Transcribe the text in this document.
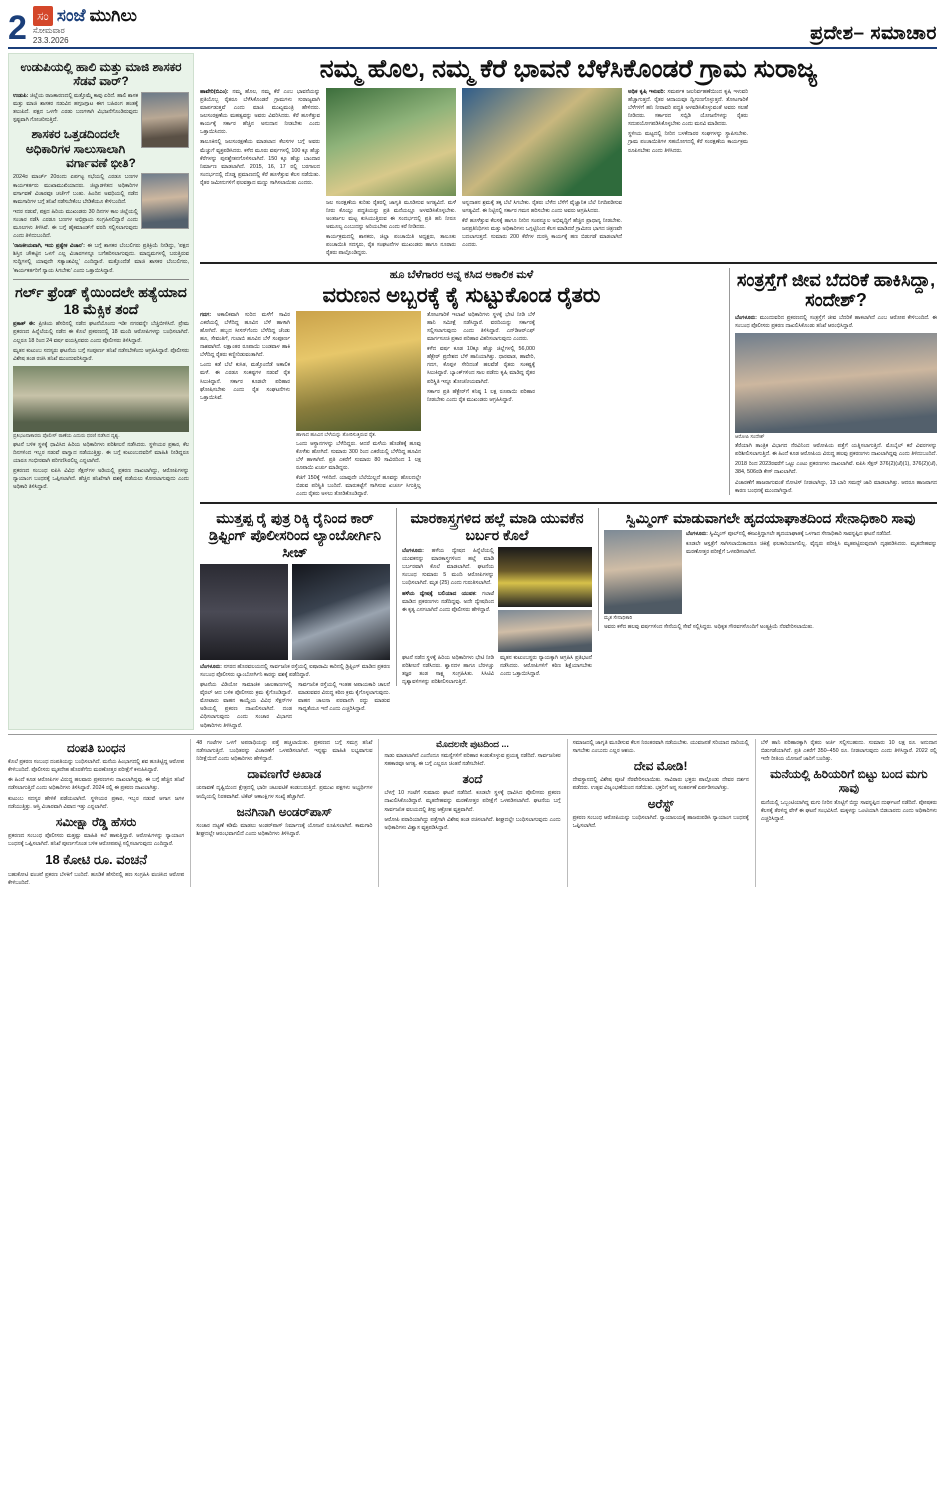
2 ಸಂ ಸಂಜೆ ಮುಗಿಲು
ಸೋಮವಾರ
23.3.2026	ಪ್ರದೇಶ– ಸಮಾಚಾರ
ಉಡುಪಿಯಲ್ಲಿ ಹಾಲಿ ಮತ್ತು ಮಾಜಿ ಶಾಸಕರ ಸೆಡವೆ ವಾರ್?
ಉಡುಪಿ: ಜಿಲ್ಲೆಯ ರಾಜಕಾರಣದಲ್ಲಿ ಮತ್ತೊಮ್ಮೆ ಕಾವು ಏರಿದೆ. ಹಾಲಿ ಶಾಸಕ ಮತ್ತು ಮಾಜಿ ಶಾಸಕರ ನಡುವಿನ ಹಗ್ಗಜಗ್ಗಾಟ ಈಗ ಬಹಿರಂಗ ಹಂತಕ್ಕೆ ತಲುಪಿದೆ. ಪಕ್ಷದ ಒಳಗೇ ಎರಡು ಬಣಗಳಾಗಿ ವಿಭಜನೆಗೊಂಡಿರುವುದು ಸ್ಪಷ್ಟವಾಗಿ ಗೋಚರಿಸುತ್ತಿದೆ.
ಶಾಸಕರ ಒತ್ತಡದಿಂದಲೇ ಅಧಿಕಾರಿಗಳ ಸಾಲುಸಾಲಾಗಿ ವರ್ಗಾವಣೆ ಭೀತಿ?
2024ರ ಮಾರ್ಚ್ 20ರಂದು ಏರ್ಪಟ್ಟ ಸಭೆಯಲ್ಲಿ ಎರಡೂ ಬಣಗಳ ಕಾರ್ಯಕರ್ತರು ಮುಖಾಮುಖಿಯಾದರು. ಜಿಲ್ಲಾಡಳಿತದ ಅಧಿಕಾರಿಗಳ ವರ್ಗಾವಣೆ ವಿಚಾರವೂ ಚರ್ಚೆಗೆ ಬಂತು. ಹಿಂದಿನ ಅವಧಿಯಲ್ಲಿ ನಡೆದ ಕಾಮಗಾರಿಗಳ ಬಗ್ಗೆ ತನಿಖೆ ನಡೆಸಬೇಕೆಂಬ ಬೇಡಿಕೆಯೂ ಕೇಳಿಬಂದಿದೆ.
ಇದರ ನಡುವೆ, ಪಕ್ಷದ ಹಿರಿಯ ಮುಖಂಡರು 30 ದಿನಗಳ ಕಾಲ ಜಿಲ್ಲೆಯಲ್ಲಿ ಸಂಚಾರ ನಡೆಸಿ ಎರಡೂ ಬಣಗಳ ಅಭಿಪ್ರಾಯ ಸಂಗ್ರಹಿಸಲಿದ್ದಾರೆ ಎಂದು ಮೂಲಗಳು ತಿಳಿಸಿವೆ. ಈ ಬಗ್ಗೆ ಹೈಕಮಾಂಡ್‌ಗೆ ವರದಿ ಸಲ್ಲಿಸಲಾಗುವುದು ಎಂದು ತಿಳಿದುಬಂದಿದೆ.
'ರಾಜಕೀಯವಾಗಿ, ಇದು ಪ್ರತ್ಯೇಕ ವಿಚಾರ': ಈ ಬಗ್ಗೆ ಶಾಸಕರ ಬೆಂಬಲಿಗರು ಪ್ರತಿಕ್ರಿಯೆ ನೀಡಿದ್ದು, 'ಪಕ್ಷದ ಶಿಸ್ತಿನ ಚೌಕಟ್ಟಿನ ಒಳಗೆ ಎಲ್ಲ ವಿಚಾರಗಳನ್ನೂ ಬಗೆಹರಿಸಲಾಗುವುದು. ಮಾಧ್ಯಮಗಳಲ್ಲಿ ಬರುತ್ತಿರುವ ಸುದ್ದಿಗಳಲ್ಲಿ ಯಾವುದೇ ಸತ್ಯಾಂಶವಿಲ್ಲ' ಎಂದಿದ್ದಾರೆ. ಮತ್ತೊಂದೆಡೆ ಮಾಜಿ ಶಾಸಕರ ಬೆಂಬಲಿಗರು, 'ಕಾರ್ಯಕರ್ತರಿಗೆ ನ್ಯಾಯ ಸಿಗಬೇಕು' ಎಂದು ಒತ್ತಾಯಿಸಿದ್ದಾರೆ.
ಗರ್ಲ್‌ ಫ್ರೆಂಡ್‌ ಕೈಯಿಂದಲೇ ಹತ್ಯೆಯಾದ 18 ಮೆಕ್ಸಿಕ ತಂದೆ
ಪ್ರಕಾಶ್ ಈ: ಪ್ರೀತಿಯ ಹೆಸರಿನಲ್ಲಿ ನಡೆದ ಘಟನೆಯೊಂದು ಇಡೀ ನಗರವನ್ನೇ ಬೆಚ್ಚಿಬೀಳಿಸಿದೆ. ಪ್ರೇಮ ಪ್ರಕರಣದ ಹಿನ್ನೆಲೆಯಲ್ಲಿ ನಡೆದ ಈ ಕೊಲೆ ಪ್ರಕರಣದಲ್ಲಿ 18 ಮಂದಿ ಆರೋಪಿಗಳನ್ನು ಬಂಧಿಸಲಾಗಿದೆ. ಎಲ್ಲರೂ 18 ರಿಂದ 24 ವರ್ಷ ವಯಸ್ಸಿನವರು ಎಂದು ಪೊಲೀಸರು ತಿಳಿಸಿದ್ದಾರೆ.
ಮೃತನ ಕುಟುಂಬ ಸದಸ್ಯರು ಘಟನೆಯ ಬಗ್ಗೆ ಸಂಪೂರ್ಣ ತನಿಖೆ ನಡೆಸಬೇಕೆಂದು ಆಗ್ರಹಿಸಿದ್ದಾರೆ. ಪೊಲೀಸರು ವಿಶೇಷ ತಂಡ ರಚಿಸಿ ತನಿಖೆ ಮುಂದುವರಿಸಿದ್ದಾರೆ.
ಪ್ರತಿಭಟನಾಕಾರರು ಪೊಲೀಸ್ ಠಾಣೆಯ ಎದುರು ಧರಣಿ ನಡೆಸಿದ ದೃಶ್ಯ.
ಘಟನೆ ಬಳಿಕ ಸ್ಥಳಕ್ಕೆ ಧಾವಿಸಿದ ಹಿರಿಯ ಅಧಿಕಾರಿಗಳು ಪರಿಶೀಲನೆ ನಡೆಸಿದರು. ಸ್ಥಳೀಯರ ಪ್ರಕಾರ, ಕೆಲ ದಿನಗಳಿಂದ ಇಬ್ಬರ ನಡುವೆ ವಾಗ್ವಾದ ನಡೆಯುತ್ತಿತ್ತು. ಈ ಬಗ್ಗೆ ಕುಟುಂಬದವರಿಗೆ ಮಾಹಿತಿ ನೀಡಿದ್ದರೂ ಯಾರೂ ಗಂಭೀರವಾಗಿ ಪರಿಗಣಿಸಿರಲಿಲ್ಲ ಎನ್ನಲಾಗಿದೆ.
ಪ್ರಕರಣದ ಸಂಬಂಧ ಐಪಿಸಿ ವಿವಿಧ ಸೆಕ್ಷನ್‌ಗಳ ಅಡಿಯಲ್ಲಿ ಪ್ರಕರಣ ದಾಖಲಾಗಿದ್ದು, ಆರೋಪಿಗಳನ್ನು ನ್ಯಾಯಾಂಗ ಬಂಧನಕ್ಕೆ ಒಪ್ಪಿಸಲಾಗಿದೆ. ಹೆಚ್ಚಿನ ತನಿಖೆಗಾಗಿ ವಶಕ್ಕೆ ಪಡೆಯಲು ಕೋರಲಾಗುವುದು ಎಂದು ಅಧಿಕಾರಿ ತಿಳಿಸಿದ್ದಾರೆ.
ನಮ್ಮ ಹೊಲ, ನಮ್ಮ ಕೆರೆ ಭಾವನೆ ಬೆಳೆಸಿಕೊಂಡರೆ ಗ್ರಾಮ ಸುರಾಜ್ಯ
ಹಾವೇರಿ(ಬಿಎಂ): ನಮ್ಮ ಹೊಲ, ನಮ್ಮ ಕೆರೆ ಎಂಬ ಭಾವನೆಯನ್ನು ಪ್ರತಿಯೊಬ್ಬ ರೈತರೂ ಬೆಳೆಸಿಕೊಂಡರೆ ಗ್ರಾಮಗಳು ಸುರಾಜ್ಯವಾಗಿ ಮಾರ್ಪಡುತ್ತವೆ ಎಂದು ಮಾಜಿ ಮುಖ್ಯಮಂತ್ರಿ ಹೇಳಿದರು. ಜಲಸಂರಕ್ಷಣೆಯ ಮಹತ್ವವನ್ನು ಅವರು ವಿವರಿಸಿದರು. ಕೆರೆ ಹೂಳೆತ್ತುವ ಕಾರ್ಯಕ್ಕೆ ಸರ್ಕಾರ ಹೆಚ್ಚಿನ ಅನುದಾನ ನೀಡಬೇಕು ಎಂದು ಒತ್ತಾಯಿಸಿದರು.
ತಾಲೂಕಿನಲ್ಲಿ ಜಲಸಂರಕ್ಷಣೆಯ ಮಾಡಲಾದ ಕೆಲಸಗಳ ಬಗ್ಗೆ ಅವರು ಮೆಚ್ಚುಗೆ ವ್ಯಕ್ತಪಡಿಸಿದರು. ಕಳೆದ ಮೂರು ವರ್ಷಗಳಲ್ಲಿ 100 ಕ್ಕೂ ಹೆಚ್ಚು ಕೆರೆಗಳನ್ನು ಪುನಶ್ಚೇತನಗೊಳಿಸಲಾಗಿದೆ. 150 ಕ್ಕೂ ಹೆಚ್ಚು ಬಾಂದಾರ ನಿರ್ಮಾಣ ಮಾಡಲಾಗಿದೆ. 2015, 16, 17 ರಲ್ಲಿ ಬರಗಾಲದ ಸಂದರ್ಭದಲ್ಲಿ ದೊಡ್ಡ ಪ್ರಮಾಣದಲ್ಲಿ ಕೆರೆ ಹೂಳೆತ್ತುವ ಕೆಲಸ ನಡೆಯಿತು. ರೈತರ ಜಮೀನುಗಳಿಗೆ ಫಲವತ್ತಾದ ಮಣ್ಣು ಸಾಗಿಸಲಾಯಿತು ಎಂದರು.
ಜಲ ಸಂರಕ್ಷಣೆಯ ಕುರಿತು ರೈತರಲ್ಲಿ ಜಾಗೃತಿ ಮೂಡಿಸುವ ಅಗತ್ಯವಿದೆ. ಮಳೆ ನೀರು ಕೊಯ್ಲು ಪದ್ಧತಿಯನ್ನು ಪ್ರತಿ ಮನೆಯಲ್ಲೂ ಅಳವಡಿಸಿಕೊಳ್ಳಬೇಕು. ಅಂತರ್ಜಲ ಮಟ್ಟ ಕುಸಿಯುತ್ತಿರುವ ಈ ಸಂದರ್ಭದಲ್ಲಿ ಪ್ರತಿ ಹನಿ ನೀರೂ ಅಮೂಲ್ಯ ಎಂಬುದನ್ನು ಅರಿಯಬೇಕು ಎಂದು ಕರೆ ನೀಡಿದರು.
ಕಾರ್ಯಕ್ರಮದಲ್ಲಿ ಶಾಸಕರು, ಜಿಲ್ಲಾ ಪಂಚಾಯಿತಿ ಅಧ್ಯಕ್ಷರು, ತಾಲೂಕು ಪಂಚಾಯಿತಿ ಸದಸ್ಯರು, ರೈತ ಸಂಘಟನೆಗಳ ಮುಖಂಡರು ಹಾಗೂ ನೂರಾರು ರೈತರು ಪಾಲ್ಗೊಂಡಿದ್ದರು.
ಅನ್ನದಾತನ ಶ್ರಮಕ್ಕೆ ತಕ್ಕ ಬೆಲೆ ಸಿಗಬೇಕು. ರೈತರು ಬೆಳೆದ ಬೆಳೆಗೆ ವೈಜ್ಞಾನಿಕ ಬೆಲೆ ನಿಗದಿಪಡಿಸುವ ಅಗತ್ಯವಿದೆ. ಈ ನಿಟ್ಟಿನಲ್ಲಿ ಸರ್ಕಾರ ಗಮನ ಹರಿಸಬೇಕು ಎಂದು ಅವರು ಆಗ್ರಹಿಸಿದರು.
ಕೆರೆ ಹೂಳೆತ್ತುವ ಕೆಲಸಕ್ಕೆ ಹಾಗೂ ನೀರಿನ ಸಂಪನ್ಮೂಲ ಅಭಿವೃದ್ಧಿಗೆ ಹೆಚ್ಚಿನ ಪ್ರಾಧಾನ್ಯ ನೀಡಬೇಕು. ಜನಪ್ರತಿನಿಧಿಗಳು ಮತ್ತು ಅಧಿಕಾರಿಗಳು ಒಗ್ಗಟ್ಟಿನಿಂದ ಕೆಲಸ ಮಾಡಿದರೆ ಗ್ರಾಮೀಣ ಭಾಗದ ಚಿತ್ರಣವೇ ಬದಲಾಗುತ್ತದೆ. ಸುಮಾರು 200 ಕೆರೆಗಳ ದುರಸ್ತಿ ಕಾರ್ಯಕ್ಕೆ ಹಣ ಬಿಡುಗಡೆ ಮಾಡಲಾಗಿದೆ ಎಂದರು.
ಅಧಿಕ ಕೃಷಿ ಇಳುವರಿ: ಸಮರ್ಪಕ ಜಲನಿರ್ವಹಣೆಯಿಂದ ಕೃಷಿ ಇಳುವರಿ ಹೆಚ್ಚಾಗುತ್ತದೆ. ರೈತರ ಆದಾಯವೂ ದ್ವಿಗುಣಗೊಳ್ಳುತ್ತದೆ. ತೋಟಗಾರಿಕೆ ಬೆಳೆಗಳಿಗೆ ಹನಿ ನೀರಾವರಿ ಪದ್ಧತಿ ಅಳವಡಿಸಿಕೊಳ್ಳುವಂತೆ ಅವರು ಸಲಹೆ ನೀಡಿದರು. ಸರ್ಕಾರದ ಸಬ್ಸಿಡಿ ಯೋಜನೆಗಳನ್ನು ರೈತರು ಸದುಪಯೋಗಪಡಿಸಿಕೊಳ್ಳಬೇಕು ಎಂದು ಮನವಿ ಮಾಡಿದರು.
ಸ್ಥಳೀಯ ಮಟ್ಟದಲ್ಲಿ ನೀರಿನ ಬಳಕೆದಾರರ ಸಂಘಗಳನ್ನು ಸ್ಥಾಪಿಸಬೇಕು. ಗ್ರಾಮ ಪಂಚಾಯಿತಿಗಳ ಸಹಯೋಗದಲ್ಲಿ ಕೆರೆ ಸಂರಕ್ಷಣೆಯ ಕಾರ್ಯಕ್ರಮ ರೂಪಿಸಬೇಕು ಎಂದು ತಿಳಿಸಿದರು.
ಹೂ ಬೆಳೆಗಾರರ ಅನ್ನ ಕಸಿದ ಅಕಾಲಿಕ ಮಳೆ
ವರುಣನ ಅಬ್ಬರಕ್ಕೆ ಕೈ ಸುಟ್ಟುಕೊಂಡ ರೈತರು
ಗದಗ: ಅಕಾಲಿಕವಾಗಿ ಸುರಿದ ಮಳೆಗೆ ಸಾವಿರ ಎಕರೆಯಲ್ಲಿ ಬೆಳೆದಿದ್ದ ಹೂವಿನ ಬೆಳೆ ಹಾಳಾಗಿ ಹೋಗಿದೆ. ಹಬ್ಬದ ಸೀಸನ್‌ಗೆಂದು ಬೆಳೆದಿದ್ದ ಚೆಂಡು ಹೂ, ಸೇವಂತಿಗೆ, ಗುಲಾಬಿ ಹೂವಿನ ಬೆಳೆ ಸಂಪೂರ್ಣ ನಾಶವಾಗಿದೆ. ಲಕ್ಷಾಂತರ ರೂಪಾಯಿ ಬಂಡವಾಳ ಹಾಕಿ ಬೆಳೆದಿದ್ದ ರೈತರು ಕಣ್ಣೀರಿಡುವಂತಾಗಿದೆ.
ಒಂದು ಕಡೆ ಬೆಲೆ ಕುಸಿತ, ಮತ್ತೊಂದೆಡೆ ಅಕಾಲಿಕ ಮಳೆ. ಈ ಎರಡೂ ಸಂಕಷ್ಟಗಳ ನಡುವೆ ರೈತ ಸಿಲುಕಿದ್ದಾನೆ. ಸರ್ಕಾರ ಕೂಡಲೇ ಪರಿಹಾರ ಘೋಷಿಸಬೇಕು ಎಂದು ರೈತ ಸಂಘಟನೆಗಳು ಒತ್ತಾಯಿಸಿವೆ.
ಹಾಳಾದ ಹೂವಿನ ಬೆಳೆಯನ್ನು ತೋರಿಸುತ್ತಿರುವ ರೈತ.
ಒಂದು ಆಸ್ಥಾನಗಳನ್ನು ಬೆಳೆದಿದ್ದರು. ಆದರೆ ಮಳೆಯ ಹೊಡೆತಕ್ಕೆ ಹೂವು ಕೊಳೆತು ಹೋಗಿದೆ. ಸುಮಾರು 300 ರಿಂದ ಎಕರೆಯಲ್ಲಿ ಬೆಳೆದಿದ್ದ ಹೂವಿನ ಬೆಳೆ ಹಾಳಾಗಿದೆ. ಪ್ರತಿ ಎಕರೆಗೆ ಸುಮಾರು 80 ಸಾವಿರದಿಂದ 1 ಲಕ್ಷ ರೂಪಾಯಿ ಖರ್ಚು ಮಾಡಿದ್ದರು.
ಕೆಜಿಗೆ 150ಕ್ಕೆ ಇಳಿದಿದೆ. ಯಾವುದೇ ಬೆಲೆಯಿಲ್ಲದೆ ಹೂವನ್ನು ಹೊಲದಲ್ಲೇ ಬಿಡುವ ಪರಿಸ್ಥಿತಿ ಬಂದಿದೆ. ಮಾರುಕಟ್ಟೆಗೆ ಸಾಗಿಸುವ ಖರ್ಚೂ ಸಿಗುತ್ತಿಲ್ಲ ಎಂದು ರೈತರು ಅಳಲು ತೋಡಿಕೊಂಡಿದ್ದಾರೆ.
ತೋಟಗಾರಿಕೆ ಇಲಾಖೆ ಅಧಿಕಾರಿಗಳು ಸ್ಥಳಕ್ಕೆ ಭೇಟಿ ನೀಡಿ ಬೆಳೆ ಹಾನಿ ಸಮೀಕ್ಷೆ ನಡೆಸಿದ್ದಾರೆ. ವರದಿಯನ್ನು ಸರ್ಕಾರಕ್ಕೆ ಸಲ್ಲಿಸಲಾಗುವುದು ಎಂದು ತಿಳಿಸಿದ್ದಾರೆ. ಎನ್‌ಡಿಆರ್‌ಎಫ್ ಮಾರ್ಗಸೂಚಿ ಪ್ರಕಾರ ಪರಿಹಾರ ವಿತರಿಸಲಾಗುವುದು ಎಂದರು.
ಕಳೆದ ವರ್ಷ ಕೂಡ 10ಕ್ಕೂ ಹೆಚ್ಚು ಜಿಲ್ಲೆಗಳಲ್ಲಿ 56,000 ಹೆಕ್ಟೇರ್ ಪ್ರದೇಶದ ಬೆಳೆ ಹಾನಿಯಾಗಿತ್ತು. ಧಾರವಾಡ, ಹಾವೇರಿ, ಗದಗ, ಕೊಪ್ಪಳ ಸೇರಿದಂತೆ ಹಲವೆಡೆ ರೈತರು ಸಂಕಷ್ಟಕ್ಕೆ ಸಿಲುಕಿದ್ದಾರೆ. ಬ್ಯಾಂಕ್‌ಗಳಿಂದ ಸಾಲ ಪಡೆದು ಕೃಷಿ ಮಾಡಿದ್ದ ರೈತರ ಪರಿಸ್ಥಿತಿ ಇನ್ನೂ ಶೋಚನೀಯವಾಗಿದೆ.
ಸರ್ಕಾರ ಪ್ರತಿ ಹೆಕ್ಟೇರ್‌ಗೆ ಕನಿಷ್ಠ 1 ಲಕ್ಷ ರೂಪಾಯಿ ಪರಿಹಾರ ನೀಡಬೇಕು ಎಂದು ರೈತ ಮುಖಂಡರು ಆಗ್ರಹಿಸಿದ್ದಾರೆ.
ಸಂತ್ರಸ್ತೆಗೆ ಜೀವ ಬೆದರಿಕೆ ಹಾಕಿಸಿದ್ದಾ, ಸಂದೇಶ್?
ಬೆಂಗಳೂರು: ಮುಂದುವರಿದ ಪ್ರಕರಣದಲ್ಲಿ ಸಂತ್ರಸ್ತೆಗೆ ಜೀವ ಬೆದರಿಕೆ ಹಾಕಲಾಗಿದೆ ಎಂಬ ಆರೋಪ ಕೇಳಿಬಂದಿದೆ. ಈ ಸಂಬಂಧ ಪೊಲೀಸರು ಪ್ರಕರಣ ದಾಖಲಿಸಿಕೊಂಡು ತನಿಖೆ ಆರಂಭಿಸಿದ್ದಾರೆ.
ಆರೋಪಿ ಸಂದೇಶ್
ತೆರೆಯಾಗಿ ತಾಂತ್ರಿಕ ವಿಭಾಗದ ನೆರವಿನಿಂದ ಆರೋಪಿಯ ಪತ್ತೆಗೆ ಯತ್ನಿಸಲಾಗುತ್ತಿದೆ. ಮೊಬೈಲ್ ಕರೆ ವಿವರಗಳನ್ನು ಪರಿಶೀಲಿಸಲಾಗುತ್ತಿದೆ. ಈ ಹಿಂದೆ ಕೂಡ ಆರೋಪಿಯ ವಿರುದ್ಧ ಹಲವು ಪ್ರಕರಣಗಳು ದಾಖಲಾಗಿದ್ದವು ಎಂದು ತಿಳಿದುಬಂದಿದೆ.
2018 ರಿಂದ 2023ರವರೆಗೆ ಒಟ್ಟು ಎಂಟು ಪ್ರಕರಣಗಳು ದಾಖಲಾಗಿವೆ. ಐಪಿಸಿ ಸೆಕ್ಷನ್ 376(2)(ಜೆ)(1), 376(2)(ಜೆ), 384, 506ರಡಿ ಕೇಸ್ ದಾಖಲಾಗಿದೆ.
ವಿಚಾರಣೆಗೆ ಹಾಜರಾಗುವಂತೆ ನೋಟಿಸ್ ನೀಡಲಾಗಿದ್ದು, 13 ಬಾರಿ ಸಮನ್ಸ್ ಜಾರಿ ಮಾಡಲಾಗಿತ್ತು. ಆದರೂ ಹಾಜರಾಗದ ಕಾರಣ ಬಂಧನಕ್ಕೆ ಮುಂದಾಗಿದ್ದಾರೆ.
ಮುತ್ತಪ್ಪ ರೈ ಪುತ್ರ ರಿಕ್ಕಿ ರೈನಿಂದ ಕಾರ್ ಡ್ರಿಫ್ಟಿಂಗ್ ಪೊಲೀಸರಿಂದ ಲ್ಯಾಂಬೋರ್ಗಿನಿ ಸೀಜ್
ಬೆಂಗಳೂರು: ನಗರದ ಹೊರವಲಯದಲ್ಲಿ ಸಾರ್ವಜನಿಕ ರಸ್ತೆಯಲ್ಲಿ ಐಷಾರಾಮಿ ಕಾರಿನಲ್ಲಿ ಡ್ರಿಫ್ಟಿಂಗ್ ಮಾಡಿದ ಪ್ರಕರಣ ಸಂಬಂಧ ಪೊಲೀಸರು ಲ್ಯಾಂಬೋರ್ಗಿನಿ ಕಾರನ್ನು ವಶಕ್ಕೆ ಪಡೆದಿದ್ದಾರೆ.
ಘಟನೆಯ ವಿಡಿಯೋ ಸಾಮಾಜಿಕ ಜಾಲತಾಣಗಳಲ್ಲಿ ವೈರಲ್ ಆದ ಬಳಿಕ ಪೊಲೀಸರು ಕ್ರಮ ಕೈಗೊಂಡಿದ್ದಾರೆ. ಮೋಟಾರು ವಾಹನ ಕಾಯ್ದೆಯ ವಿವಿಧ ಸೆಕ್ಷನ್‌ಗಳ ಅಡಿಯಲ್ಲಿ ಪ್ರಕರಣ ದಾಖಲಿಸಲಾಗಿದೆ. ದಂಡ ವಿಧಿಸಲಾಗುವುದು ಎಂದು ಸಂಚಾರ ವಿಭಾಗದ ಅಧಿಕಾರಿಗಳು ತಿಳಿಸಿದ್ದಾರೆ.
ಸಾರ್ವಜನಿಕ ರಸ್ತೆಯಲ್ಲಿ ಇಂತಹ ಅಪಾಯಕಾರಿ ಚಾಲನೆ ಮಾಡುವವರ ವಿರುದ್ಧ ಕಠಿಣ ಕ್ರಮ ಕೈಗೊಳ್ಳಲಾಗುವುದು. ವಾಹನ ಚಾಲನಾ ಪರವಾನಗಿ ರದ್ದು ಮಾಡುವ ಸಾಧ್ಯತೆಯೂ ಇದೆ ಎಂದು ಎಚ್ಚರಿಸಿದ್ದಾರೆ.
ಮಾರಕಾಸ್ತ್ರಗಳಿದ ಹಲ್ಲೆ ಮಾಡಿ ಯುವಕೆನ ಬರ್ಬರ ಕೊಲೆ
ಬೆಂಗಳೂರು: ಹಳೆಯ ದ್ವೇಷದ ಹಿನ್ನೆಲೆಯಲ್ಲಿ ಯುವಕನನ್ನು ಮಾರಕಾಸ್ತ್ರಗಳಿಂದ ಹಲ್ಲೆ ಮಾಡಿ ಬರ್ಬರವಾಗಿ ಕೊಲೆ ಮಾಡಲಾಗಿದೆ. ಘಟನೆಯ ಸಂಬಂಧ ಸುಮಾರು 5 ಮಂದಿ ಆರೋಪಿಗಳನ್ನು ಬಂಧಿಸಲಾಗಿದೆ. ಮೃತ (25) ಎಂದು ಗುರುತಿಸಲಾಗಿದೆ.
ಹಳೆಯ ದ್ವೇಷಕ್ಕೆ ಬಲಿಯಾದ ಯುವಕ: ಗಲಾಟೆ ಮಾಡಿದ ಪ್ರಕರಣಗಳು ನಡೆದಿದ್ದವು. ಅದೇ ದ್ವೇಷದಿಂದ ಈ ಕೃತ್ಯ ಎಸಗಲಾಗಿದೆ ಎಂದು ಪೊಲೀಸರು ಹೇಳಿದ್ದಾರೆ.
ಘಟನೆ ನಡೆದ ಸ್ಥಳಕ್ಕೆ ಹಿರಿಯ ಅಧಿಕಾರಿಗಳು ಭೇಟಿ ನೀಡಿ ಪರಿಶೀಲನೆ ನಡೆಸಿದರು. ಶ್ವಾನದಳ ಹಾಗೂ ಬೆರಳಚ್ಚು ತಜ್ಞರ ತಂಡ ಸಾಕ್ಷ್ಯ ಸಂಗ್ರಹಿಸಿತು. ಸಿಸಿಟಿವಿ ದೃಶ್ಯಾವಳಿಗಳನ್ನು ಪರಿಶೀಲಿಸಲಾಗುತ್ತಿದೆ.
ಮೃತನ ಕುಟುಂಬಸ್ಥರು ನ್ಯಾಯಕ್ಕಾಗಿ ಆಗ್ರಹಿಸಿ ಪ್ರತಿಭಟನೆ ನಡೆಸಿದರು. ಆರೋಪಿಗಳಿಗೆ ಕಠಿಣ ಶಿಕ್ಷೆಯಾಗಬೇಕು ಎಂದು ಒತ್ತಾಯಿಸಿದ್ದಾರೆ.
ಸ್ವಿಮ್ಮಿಂಗ್ ಮಾಡುವಾಗಲೇ ಹೃದಯಾಘಾತದಿಂದ ಸೇನಾಧಿಕಾರಿ ಸಾವು
ಮೃತ ಸೇನಾಧಿಕಾರಿ
ಬೆಂಗಳೂರು: ಸ್ವಿಮ್ಮಿಂಗ್ ಪೂಲ್‌ನಲ್ಲಿ ಈಜುತ್ತಿದ್ದಾಗಲೇ ಹೃದಯಾಘಾತಕ್ಕೆ ಒಳಗಾದ ಸೇನಾಧಿಕಾರಿ ಸಾವನ್ನಪ್ಪಿದ ಘಟನೆ ನಡೆದಿದೆ.
ಕೂಡಲೇ ಆಸ್ಪತ್ರೆಗೆ ಸಾಗಿಸಲಾಯಿತಾದರೂ ಚಿಕಿತ್ಸೆ ಫಲಕಾರಿಯಾಗಲಿಲ್ಲ. ವೈದ್ಯರು ಪರೀಕ್ಷಿಸಿ ಮೃತಪಟ್ಟಿರುವುದಾಗಿ ದೃಢಪಡಿಸಿದರು. ಮೃತದೇಹವನ್ನು ಮರಣೋತ್ತರ ಪರೀಕ್ಷೆಗೆ ಒಳಪಡಿಸಲಾಗಿದೆ.
ಅವರು ಕಳೆದ ಹಲವು ವರ್ಷಗಳಿಂದ ಸೇನೆಯಲ್ಲಿ ಸೇವೆ ಸಲ್ಲಿಸಿದ್ದರು. ಅಧಿಕೃತ ಗೌರವಗಳೊಂದಿಗೆ ಅಂತ್ಯಕ್ರಿಯೆ ನೆರವೇರಿಸಲಾಯಿತು.
ದಂಪತಿ ಬಂಧನ
ಕೊಲೆ ಪ್ರಕರಣ ಸಂಬಂಧ ದಂಪತಿಯನ್ನು ಬಂಧಿಸಲಾಗಿದೆ. ಮನೆಯ ಹಿಂಭಾಗದಲ್ಲಿ ಶವ ಹೂತಿಟ್ಟಿದ್ದ ಆರೋಪ ಕೇಳಿಬಂದಿದೆ. ಪೊಲೀಸರು ಮೃತದೇಹ ಹೊರತೆಗೆದು ಮರಣೋತ್ತರ ಪರೀಕ್ಷೆಗೆ ಕಳುಹಿಸಿದ್ದಾರೆ.
ಈ ಹಿಂದೆ ಕೂಡ ಆರೋಪಿಗಳ ವಿರುದ್ಧ ಹಲವಾರು ಪ್ರಕರಣಗಳು ದಾಖಲಾಗಿದ್ದವು. ಈ ಬಗ್ಗೆ ಹೆಚ್ಚಿನ ತನಿಖೆ ನಡೆಸಲಾಗುತ್ತಿದೆ ಎಂದು ಅಧಿಕಾರಿಗಳು ತಿಳಿಸಿದ್ದಾರೆ. 2024 ರಲ್ಲಿ ಈ ಪ್ರಕರಣ ದಾಖಲಾಗಿತ್ತು.
ಕುಟುಂಬ ಸದಸ್ಯರ ಹೇಳಿಕೆ ಪಡೆಯಲಾಗಿದೆ. ಸ್ಥಳೀಯರ ಪ್ರಕಾರ, ಇಬ್ಬರ ನಡುವೆ ಆಗಾಗ ಜಗಳ ನಡೆಯುತ್ತಿತ್ತು. ಆಸ್ತಿ ವಿಚಾರವಾಗಿ ವಿವಾದ ಇತ್ತು ಎನ್ನಲಾಗಿದೆ.
ಸಮೀಕ್ಷಾ ರೆಡ್ಡಿ ಹೆಸರು
ಪ್ರಕರಣದ ಸಂಬಂಧ ಪೊಲೀಸರು ಮತ್ತಷ್ಟು ಮಾಹಿತಿ ಕಲೆ ಹಾಕುತ್ತಿದ್ದಾರೆ. ಆರೋಪಿಗಳನ್ನು ನ್ಯಾಯಾಂಗ ಬಂಧನಕ್ಕೆ ಒಪ್ಪಿಸಲಾಗಿದೆ. ತನಿಖೆ ಪೂರ್ಣಗೊಂಡ ಬಳಿಕ ಆರೋಪಪಟ್ಟಿ ಸಲ್ಲಿಸಲಾಗುವುದು ಎಂದಿದ್ದಾರೆ.
18 ಕೋಟಿ ರೂ. ವಂಚನೆ
ಬಹುಕೋಟಿ ವಂಚನೆ ಪ್ರಕರಣ ಬೆಳಕಿಗೆ ಬಂದಿದೆ. ಹೂಡಿಕೆ ಹೆಸರಿನಲ್ಲಿ ಹಣ ಸಂಗ್ರಹಿಸಿ ವಂಚಿಸಿದ ಆರೋಪ ಕೇಳಿಬಂದಿದೆ.
48 ಗಂಟೆಗಳ ಒಳಗೆ ಅಪರಾಧಿಯನ್ನು ಪತ್ತೆ ಹಚ್ಚಲಾಯಿತು. ಪ್ರಕರಣದ ಬಗ್ಗೆ ಸಮಗ್ರ ತನಿಖೆ ನಡೆಸಲಾಗುತ್ತಿದೆ. ಬಂಧಿತರನ್ನು ವಿಚಾರಣೆಗೆ ಒಳಪಡಿಸಲಾಗಿದೆ. ಇನ್ನಷ್ಟು ಮಾಹಿತಿ ಲಭ್ಯವಾಗುವ ನಿರೀಕ್ಷೆಯಿದೆ ಎಂದು ಅಧಿಕಾರಿಗಳು ಹೇಳಿದ್ದಾರೆ.
ದಾವಣಗೆರೆ ಅಖಾಡ
ಚುನಾವಣೆ ದೃಷ್ಟಿಯಿಂದ ಕ್ಷೇತ್ರದಲ್ಲಿ ಭಾರೀ ಚಟುವಟಿಕೆ ಕಂಡುಬರುತ್ತಿದೆ. ಪ್ರಮುಖ ಪಕ್ಷಗಳು ಅಭ್ಯರ್ಥಿಗಳ ಆಯ್ಕೆಯಲ್ಲಿ ನಿರತವಾಗಿವೆ. ಟಿಕೆಟ್ ಆಕಾಂಕ್ಷಿಗಳ ಸಂಖ್ಯೆ ಹೆಚ್ಚಾಗಿದೆ.
ಜನಗಿನಾಗಿ ಅಂಡರ್‌ಪಾಸ್
ಸಂಚಾರ ದಟ್ಟಣೆ ಕಡಿಮೆ ಮಾಡಲು ಅಂಡರ್‌ಪಾಸ್ ನಿರ್ಮಾಣಕ್ಕೆ ಯೋಜನೆ ರೂಪಿಸಲಾಗಿದೆ. ಕಾಮಗಾರಿ ಶೀಘ್ರದಲ್ಲೇ ಆರಂಭವಾಗಲಿದೆ ಎಂದು ಅಧಿಕಾರಿಗಳು ತಿಳಿಸಿದ್ದಾರೆ.
ಮೊದಲನೇ ಪುಟದಿಂದ ...
ನಾಡು ಮಾಡಲಾಗಿದೆ ಎಂದೆಂದೂ ಸಮಸ್ಯೆಗಳಿಗೆ ಪರಿಹಾರ ಕಂಡುಕೊಳ್ಳುವ ಪ್ರಯತ್ನ ನಡೆದಿದೆ. ಸಾರ್ವಜನಿಕರ ಸಹಕಾರವೂ ಅಗತ್ಯ. ಈ ಬಗ್ಗೆ ಎಲ್ಲರೂ ಚಿಂತನೆ ನಡೆಸಬೇಕಿದೆ.
ತಂದೆ
ಬೆಳಗ್ಗೆ 10 ಗಂಟೆಗೆ ಸುಮಾರು ಘಟನೆ ನಡೆದಿದೆ. ಕೂಡಲೇ ಸ್ಥಳಕ್ಕೆ ಧಾವಿಸಿದ ಪೊಲೀಸರು ಪ್ರಕರಣ ದಾಖಲಿಸಿಕೊಂಡಿದ್ದಾರೆ. ಮೃತದೇಹವನ್ನು ಮರಣೋತ್ತರ ಪರೀಕ್ಷೆಗೆ ಒಳಪಡಿಸಲಾಗಿದೆ. ಘಟನೆಯ ಬಗ್ಗೆ ಸಾರ್ವಜನಿಕ ವಲಯದಲ್ಲಿ ತೀವ್ರ ಆಕ್ರೋಶ ವ್ಯಕ್ತವಾಗಿದೆ.
ಆರೋಪಿ ಪರಾರಿಯಾಗಿದ್ದು ಪತ್ತೆಗಾಗಿ ವಿಶೇಷ ತಂಡ ರಚಿಸಲಾಗಿದೆ. ಶೀಘ್ರದಲ್ಲೇ ಬಂಧಿಸಲಾಗುವುದು ಎಂದು ಅಧಿಕಾರಿಗಳು ವಿಶ್ವಾಸ ವ್ಯಕ್ತಪಡಿಸಿದ್ದಾರೆ.
ಸಮಾಜದಲ್ಲಿ ಜಾಗೃತಿ ಮೂಡಿಸುವ ಕೆಲಸ ನಿರಂತರವಾಗಿ ನಡೆಯಬೇಕು. ಯುವಜನತೆ ಸರಿಯಾದ ದಾರಿಯಲ್ಲಿ ಸಾಗಬೇಕು ಎಂಬುದು ಎಲ್ಲರ ಆಶಯ.
ದೇವ ಮೋಡಿ!
ದೇವಸ್ಥಾನದಲ್ಲಿ ವಿಶೇಷ ಪೂಜೆ ನೆರವೇರಿಸಲಾಯಿತು. ಸಾವಿರಾರು ಭಕ್ತರು ಪಾಲ್ಗೊಂಡು ದೇವರ ದರ್ಶನ ಪಡೆದರು. ಉತ್ಸವ ವಿಜೃಂಭಣೆಯಿಂದ ನಡೆಯಿತು. ಭಕ್ತರಿಗೆ ಅನ್ನ ಸಂತರ್ಪಣೆ ಏರ್ಪಡಿಸಲಾಗಿತ್ತು.
ಅರೆಸ್ಟ್
ಪ್ರಕರಣ ಸಂಬಂಧ ಆರೋಪಿಯನ್ನು ಬಂಧಿಸಲಾಗಿದೆ. ನ್ಯಾಯಾಲಯಕ್ಕೆ ಹಾಜರುಪಡಿಸಿ ನ್ಯಾಯಾಂಗ ಬಂಧನಕ್ಕೆ ಒಪ್ಪಿಸಲಾಗಿದೆ.
ಬೆಳೆ ಹಾನಿ ಪರಿಹಾರಕ್ಕಾಗಿ ರೈತರು ಅರ್ಜಿ ಸಲ್ಲಿಸಬಹುದು. ಸುಮಾರು 10 ಲಕ್ಷ ರೂ. ಅನುದಾನ ಬಿಡುಗಡೆಯಾಗಿದೆ. ಪ್ರತಿ ಎಕರೆಗೆ 350–450 ರೂ. ನೀಡಲಾಗುವುದು ಎಂದು ತಿಳಿಸಿದ್ದಾರೆ. 2022 ರಲ್ಲಿ ಇದೇ ರೀತಿಯ ಯೋಜನೆ ಜಾರಿಗೆ ಬಂದಿತ್ತು.
ಮನೆಯಲ್ಲಿ ಹಿರಿಯರಿಗೆ ಬಿಟ್ಟು ಬಂದ ಮಗು ಸಾವು
ಮನೆಯಲ್ಲಿ ಒಬ್ಬಂಟಿಯಾಗಿದ್ದ ಮಗು ನೀರಿನ ತೊಟ್ಟಿಗೆ ಬಿದ್ದು ಸಾವನ್ನಪ್ಪಿದ ದುರ್ಘಟನೆ ನಡೆದಿದೆ. ಪೋಷಕರು ಕೆಲಸಕ್ಕೆ ತೆರಳಿದ್ದ ವೇಳೆ ಈ ಘಟನೆ ಸಂಭವಿಸಿದೆ. ಮಕ್ಕಳನ್ನು ಒಂಟಿಯಾಗಿ ಬಿಡಬಾರದು ಎಂದು ಅಧಿಕಾರಿಗಳು ಎಚ್ಚರಿಸಿದ್ದಾರೆ.
